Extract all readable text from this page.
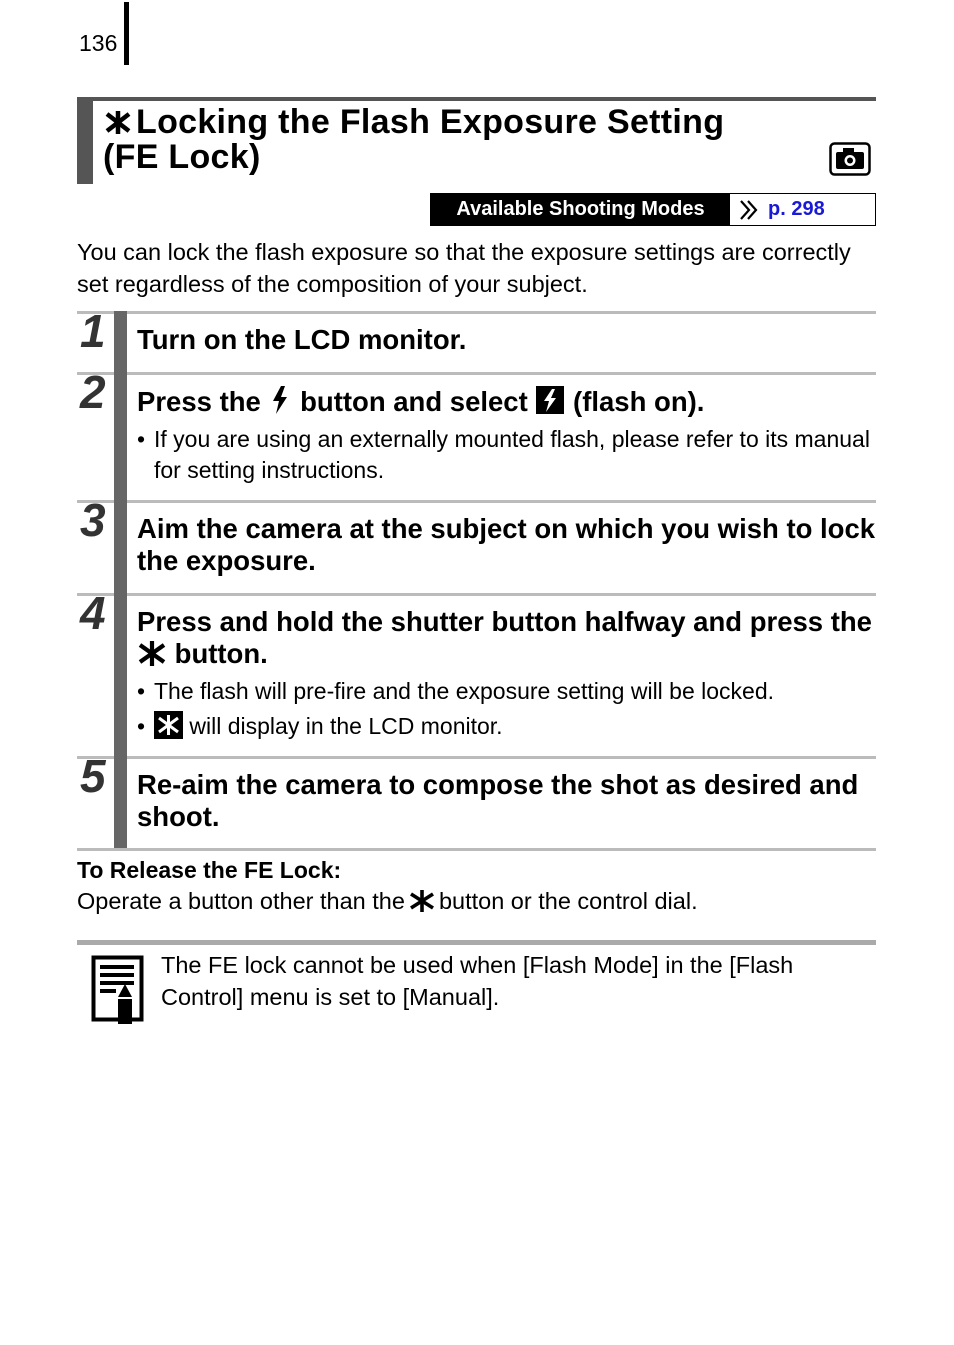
136
Locking the Flash Exposure Setting
(FE Lock)
Available Shooting Modes	p. 298
You can lock the flash exposure so that the exposure settings are correctly set regardless of the composition of your subject.
1 Turn on the LCD monitor.
2 Press the button and select (flash on).
• If you are using an externally mounted flash, please refer to its manual for setting instructions.
3 Aim the camera at the subject on which you wish to lock the exposure.
4 Press and hold the shutter button halfway and press the  button.
• The flash will pre-fire and the exposure setting will be locked.
• will display in the LCD monitor.
5 Re-aim the camera to compose the shot as desired and shoot.
To Release the FE Lock:
Operate a button other than the button or the control dial.
The FE lock cannot be used when [Flash Mode] in the [Flash Control] menu is set to [Manual].
